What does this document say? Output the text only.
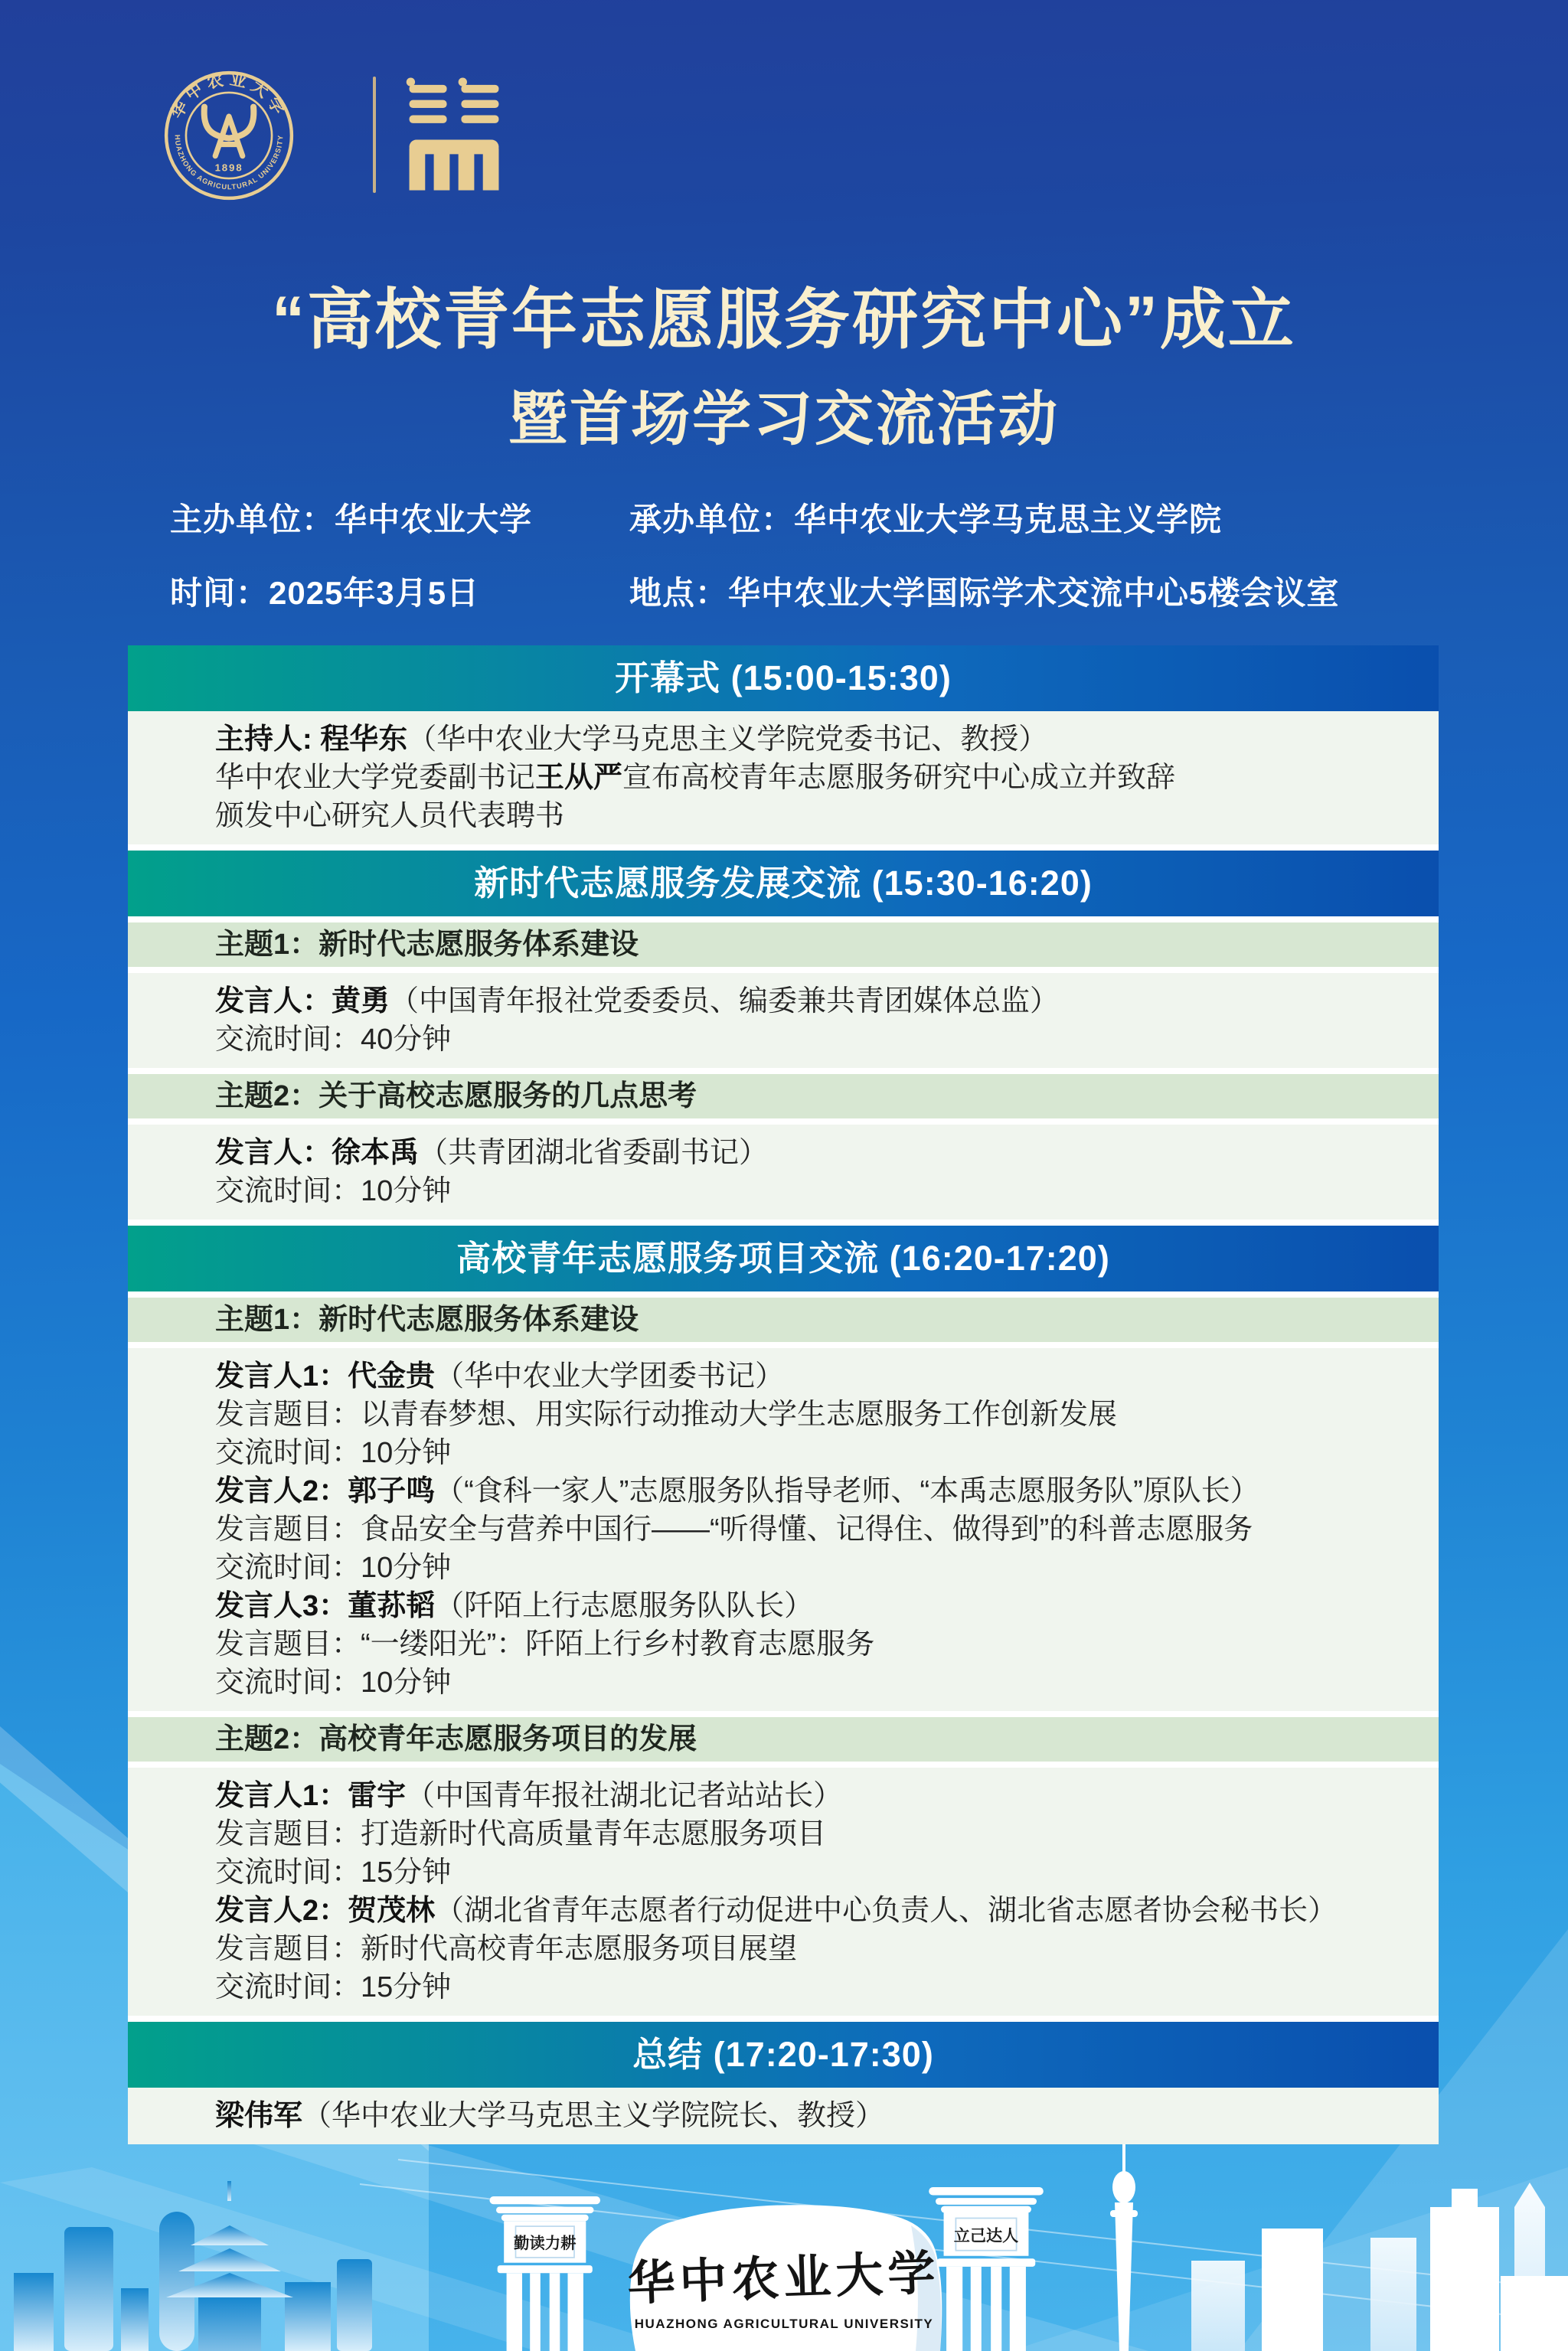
华中农业大学
HUAZHONG AGRICULTURAL UNIVERSITY
1898
“高校青年志愿服务研究中心”成立
暨首场学习交流活动
主办单位：华中农业大学	承办单位：华中农业大学马克思主义学院
时间：2025年3月5日	地点：华中农业大学国际学术交流中心5楼会议室
开幕式 (15:00-15:30)
主持人: 程华东（华中农业大学马克思主义学院党委书记、教授）
华中农业大学党委副书记王从严宣布高校青年志愿服务研究中心成立并致辞
颁发中心研究人员代表聘书
新时代志愿服务发展交流 (15:30-16:20)
主题1：新时代志愿服务体系建设
发言人：黄勇（中国青年报社党委委员、编委兼共青团媒体总监）
交流时间：40分钟
主题2：关于高校志愿服务的几点思考
发言人：徐本禹（共青团湖北省委副书记）
交流时间：10分钟
高校青年志愿服务项目交流 (16:20-17:20)
主题1：新时代志愿服务体系建设
发言人1：代金贵（华中农业大学团委书记）
发言题目：以青春梦想、用实际行动推动大学生志愿服务工作创新发展
交流时间：10分钟
发言人2：郭子鸣（“食科一家人”志愿服务队指导老师、“本禹志愿服务队”原队长）
发言题目：食品安全与营养中国行——“听得懂、记得住、做得到”的科普志愿服务
交流时间：10分钟
发言人3：董荪韬（阡陌上行志愿服务队队长）
发言题目：“一缕阳光”：阡陌上行乡村教育志愿服务
交流时间：10分钟
主题2：高校青年志愿服务项目的发展
发言人1：雷宇（中国青年报社湖北记者站站长）
发言题目：打造新时代高质量青年志愿服务项目
交流时间：15分钟
发言人2：贺茂林（湖北省青年志愿者行动促进中心负责人、湖北省志愿者协会秘书长）
发言题目：新时代高校青年志愿服务项目展望
交流时间：15分钟
总结 (17:20-17:30)
梁伟军（华中农业大学马克思主义学院院长、教授）
勤读力耕	立己达人
华中农业大学
HUAZHONG AGRICULTURAL UNIVERSITY
